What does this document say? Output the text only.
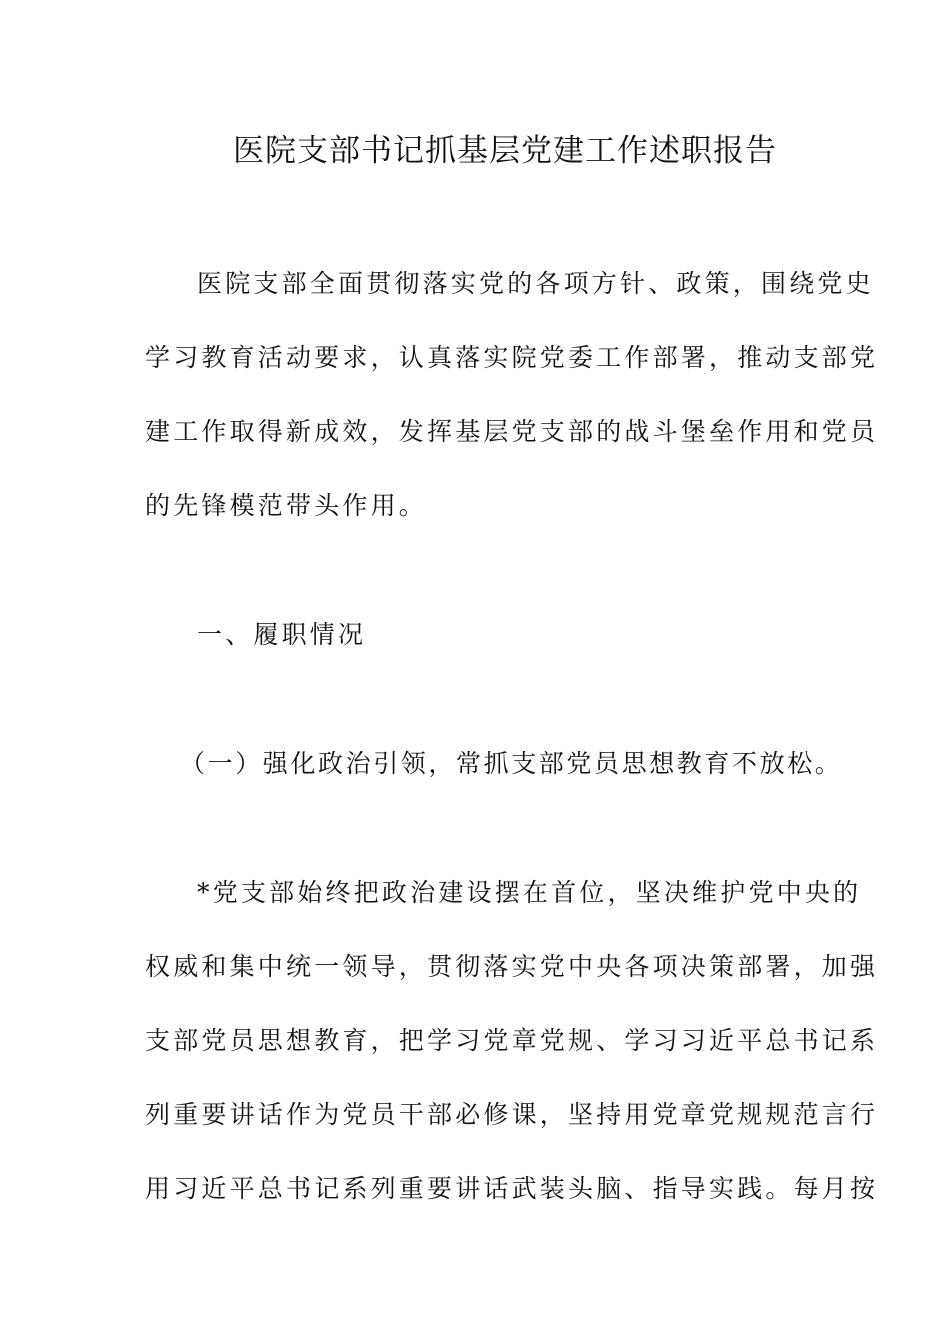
医院支部书记抓基层党建工作述职报告
医院支部全面贯彻落实党的各项方针、政策，围绕党史
学习教育活动要求，认真落实院党委工作部署，推动支部党
建工作取得新成效，发挥基层党支部的战斗堡垒作用和党员
的先锋模范带头作用。
一、履职情况
（一）强化政治引领，常抓支部党员思想教育不放松。
*党支部始终把政治建设摆在首位，坚决维护党中央的
权威和集中统一领导，贯彻落实党中央各项决策部署，加强
支部党员思想教育，把学习党章党规、学习习近平总书记系
列重要讲话作为党员干部必修课，坚持用党章党规规范言行
用习近平总书记系列重要讲话武装头脑、指导实践。每月按
